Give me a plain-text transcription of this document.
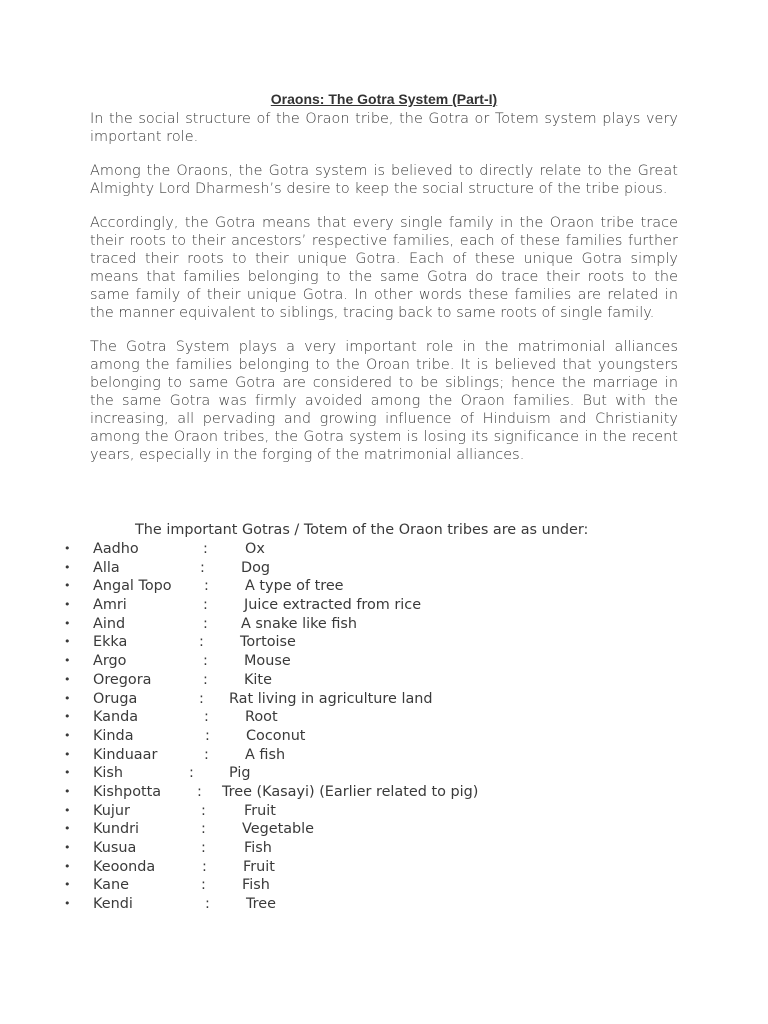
Oraons: The Gotra System (Part-I)

In the social structure of the Oraon tribe, the Gotra or Totem system plays very important role.

Among the Oraons, the Gotra system is believed to directly relate to the Great Almighty Lord Dharmesh’s desire to keep the social structure of the tribe pious.

Accordingly, the Gotra means that every single family in the Oraon tribe trace their roots to their ancestors’ respective families, each of these families further traced their roots to their unique Gotra. Each of these unique Gotra simply means that families belonging to the same Gotra do trace their roots to the same family of their unique Gotra. In other words these families are related in the manner equivalent to siblings, tracing back to same roots of single family.

The Gotra System plays a very important role in the matrimonial alliances among the families belonging to the Oroan tribe. It is believed that youngsters belonging to same Gotra are considered to be siblings; hence the marriage in the same Gotra was firmly avoided among the Oraon families. But with the increasing, all pervading and growing influence of Hinduism and Christianity among the Oraon tribes, the Gotra system is losing its significance in the recent years, especially in the forging of the matrimonial alliances.

The important Gotras / Totem of the Oraon tribes are as under:

• Aadho	:	Ox
• Alla	:	Dog
• Angal Topo :	A type of tree
• Amri	:	Juice extracted from rice
• Aind	: A snake like fish
• Ekka	:	Tortoise
• Argo	:	Mouse
• Oregora	:	Kite
• Oruga	: Rat living in agriculture land
• Kanda	:	Root
• Kinda	:	Coconut
• Kinduaar	:	A fish
• Kish	: Pig
• Kishpotta : Tree (Kasayi) (Earlier related to pig)
• Kujur	:	Fruit
• Kundri	:	Vegetable
• Kusua	:	Fish
• Keoonda	:	Fruit
• Kane	:	Fish
• Kendi	:	Tree
